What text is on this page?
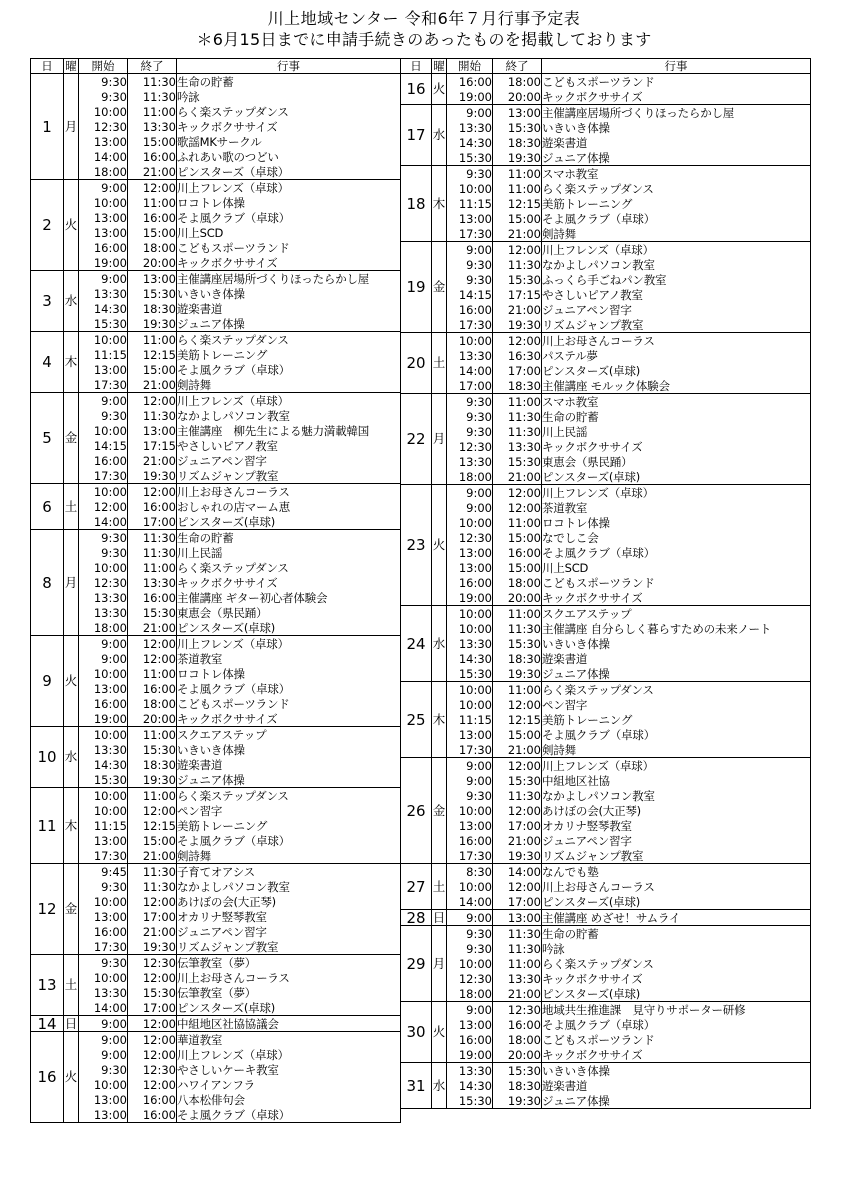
川上地域センター 令和6年７月行事予定表
＊6月15日までに申請手続きのあったものを掲載しております
日	曜	開始	終了	行事
1	月	9:30	11:30	生命の貯蓄
		9:30	11:30	吟詠
		10:00	11:00	らく楽ステップダンス
		12:30	13:30	キックボクササイズ
		13:00	15:00	歌謡MKサークル
		14:00	16:00	ふれあい歌のつどい
		18:00	21:00	ピンスターズ（卓球）
2	火	9:00	12:00	川上フレンズ（卓球）
		10:00	11:00	ロコトレ体操
		13:00	16:00	そよ風クラブ（卓球）
		13:00	15:00	川上SCD
		16:00	18:00	こどもスポーツランド
		19:00	20:00	キックボクササイズ
3	水	9:00	13:00	主催講座居場所づくりほったらかし屋
		13:30	15:30	いきいき体操
		14:30	18:30	遊楽書道
		15:30	19:30	ジュニア体操
4	木	10:00	11:00	らく楽ステップダンス
		11:15	12:15	美筋トレーニング
		13:00	15:00	そよ風クラブ（卓球）
		17:30	21:00	剣詩舞
5	金	9:00	12:00	川上フレンズ（卓球）
		9:30	11:30	なかよしパソコン教室
		10:00	13:00	主催講座　柳先生による魅力満載韓国
		14:15	17:15	やさしいピアノ教室
		16:00	21:00	ジュニアペン習字
		17:30	19:30	リズムジャンプ教室
6	土	10:00	12:00	川上お母さんコーラス
		12:00	16:00	おしゃれの店マーム恵
		14:00	17:00	ピンスターズ(卓球)
8	月	9:30	11:30	生命の貯蓄
		9:30	11:30	川上民謡
		10:00	11:00	らく楽ステップダンス
		12:30	13:30	キックボクササイズ
		13:30	16:00	主催講座 ギター初心者体験会
		13:30	15:30	東恵会（県民踊）
		18:00	21:00	ピンスターズ(卓球)
9	火	9:00	12:00	川上フレンズ（卓球）
		9:00	12:00	茶道教室
		10:00	11:00	ロコトレ体操
		13:00	16:00	そよ風クラブ（卓球）
		16:00	18:00	こどもスポーツランド
		19:00	20:00	キックボクササイズ
10	水	10:00	11:00	スクエアステップ
		13:30	15:30	いきいき体操
		14:30	18:30	遊楽書道
		15:30	19:30	ジュニア体操
11	木	10:00	11:00	らく楽ステップダンス
		10:00	12:00	ペン習字
		11:15	12:15	美筋トレーニング
		13:00	15:00	そよ風クラブ（卓球）
		17:30	21:00	剣詩舞
12	金	9:45	11:30	子育てオアシス
		9:30	11:30	なかよしパソコン教室
		10:00	12:00	あけぼの会(大正琴)
		13:00	17:00	オカリナ竪琴教室
		16:00	21:00	ジュニアペン習字
		17:30	19:30	リズムジャンプ教室
13	土	9:30	12:30	伝筆教室（夢）
		10:00	12:00	川上お母さんコーラス
		13:30	15:30	伝筆教室（夢）
		14:00	17:00	ピンスターズ(卓球)
14	日	9:00	12:00	中組地区社協協議会
16	火	9:00	12:00	華道教室
		9:00	12:00	川上フレンズ（卓球）
		9:30	12:30	やさしいケーキ教室
		10:00	12:00	ハワイアンフラ
		13:00	16:00	八本松俳句会
		13:00	16:00	そよ風クラブ（卓球）
日	曜	開始	終了	行事
16	火	16:00	18:00	こどもスポーツランド
		19:00	20:00	キックボクササイズ
17	水	9:00	13:00	主催講座居場所づくりほったらかし屋
		13:30	15:30	いきいき体操
		14:30	18:30	遊楽書道
		15:30	19:30	ジュニア体操
18	木	9:30	11:00	スマホ教室
		10:00	11:00	らく楽ステップダンス
		11:15	12:15	美筋トレーニング
		13:00	15:00	そよ風クラブ（卓球）
		17:30	21:00	剣詩舞
19	金	9:00	12:00	川上フレンズ（卓球）
		9:30	11:30	なかよしパソコン教室
		9:30	15:30	ふっくら手ごねパン教室
		14:15	17:15	やさしいピアノ教室
		16:00	21:00	ジュニアペン習字
		17:30	19:30	リズムジャンプ教室
20	土	10:00	12:00	川上お母さんコーラス
		13:30	16:30	パステル夢
		14:00	17:00	ピンスターズ(卓球)
		17:00	18:30	主催講座 モルック体験会
22	月	9:30	11:00	スマホ教室
		9:30	11:30	生命の貯蓄
		9:30	11:30	川上民謡
		12:30	13:30	キックボクササイズ
		13:30	15:30	東恵会（県民踊）
		18:00	21:00	ピンスターズ(卓球)
23	火	9:00	12:00	川上フレンズ（卓球）
		9:00	12:00	茶道教室
		10:00	11:00	ロコトレ体操
		12:30	15:00	なでしこ会
		13:00	16:00	そよ風クラブ（卓球）
		13:00	15:00	川上SCD
		16:00	18:00	こどもスポーツランド
		19:00	20:00	キックボクササイズ
24	水	10:00	11:00	スクエアステップ
		10:00	11:30	主催講座 自分らしく暮らすための未来ノート
		13:30	15:30	いきいき体操
		14:30	18:30	遊楽書道
		15:30	19:30	ジュニア体操
25	木	10:00	11:00	らく楽ステップダンス
		10:00	12:00	ペン習字
		11:15	12:15	美筋トレーニング
		13:00	15:00	そよ風クラブ（卓球）
		17:30	21:00	剣詩舞
26	金	9:00	12:00	川上フレンズ（卓球）
		9:00	15:30	中組地区社協
		9:30	11:30	なかよしパソコン教室
		10:00	12:00	あけぼの会(大正琴)
		13:00	17:00	オカリナ竪琴教室
		16:00	21:00	ジュニアペン習字
		17:30	19:30	リズムジャンプ教室
27	土	8:30	14:00	なんでも塾
		10:00	12:00	川上お母さんコーラス
		14:00	17:00	ピンスターズ(卓球)
28	日	9:00	13:00	主催講座 めざせ！サムライ
29	月	9:30	11:30	生命の貯蓄
		9:30	11:30	吟詠
		10:00	11:00	らく楽ステップダンス
		12:30	13:30	キックボクササイズ
		18:00	21:00	ピンスターズ(卓球)
30	火	9:00	12:30	地域共生推進課　見守りサポーター研修
		13:00	16:00	そよ風クラブ（卓球）
		16:00	18:00	こどもスポーツランド
		19:00	20:00	キックボクササイズ
31	水	13:30	15:30	いきいき体操
		14:30	18:30	遊楽書道
		15:30	19:30	ジュニア体操
